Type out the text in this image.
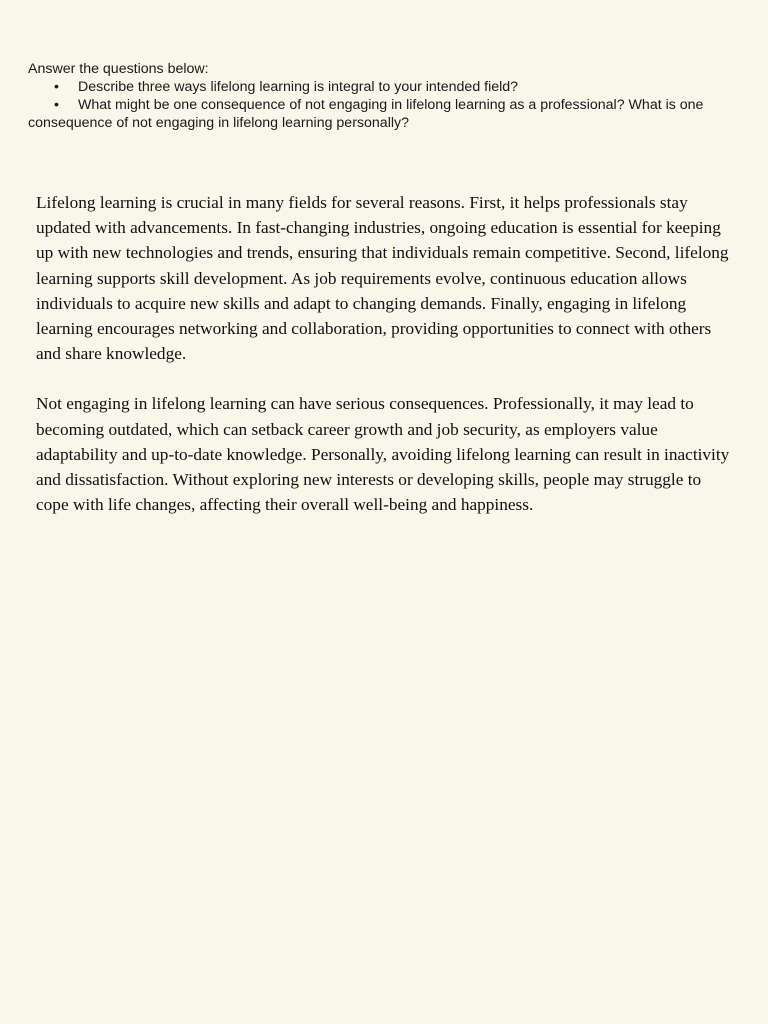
Answer the questions below:

• Describe three ways lifelong learning is integral to your intended field?
• What might be one consequence of not engaging in lifelong learning as a professional? What is one consequence of not engaging in lifelong learning personally?

Lifelong learning is crucial in many fields for several reasons. First, it helps professionals stay updated with advancements. In fast-changing industries, ongoing education is essential for keeping up with new technologies and trends, ensuring that individuals remain competitive. Second, lifelong learning supports skill development. As job requirements evolve, continuous education allows individuals to acquire new skills and adapt to changing demands. Finally, engaging in lifelong learning encourages networking and collaboration, providing opportunities to connect with others and share knowledge.

Not engaging in lifelong learning can have serious consequences. Professionally, it may lead to becoming outdated, which can setback career growth and job security, as employers value adaptability and up-to-date knowledge. Personally, avoiding lifelong learning can result in inactivity and dissatisfaction. Without exploring new interests or developing skills, people may struggle to cope with life changes, affecting their overall well-being and happiness.
